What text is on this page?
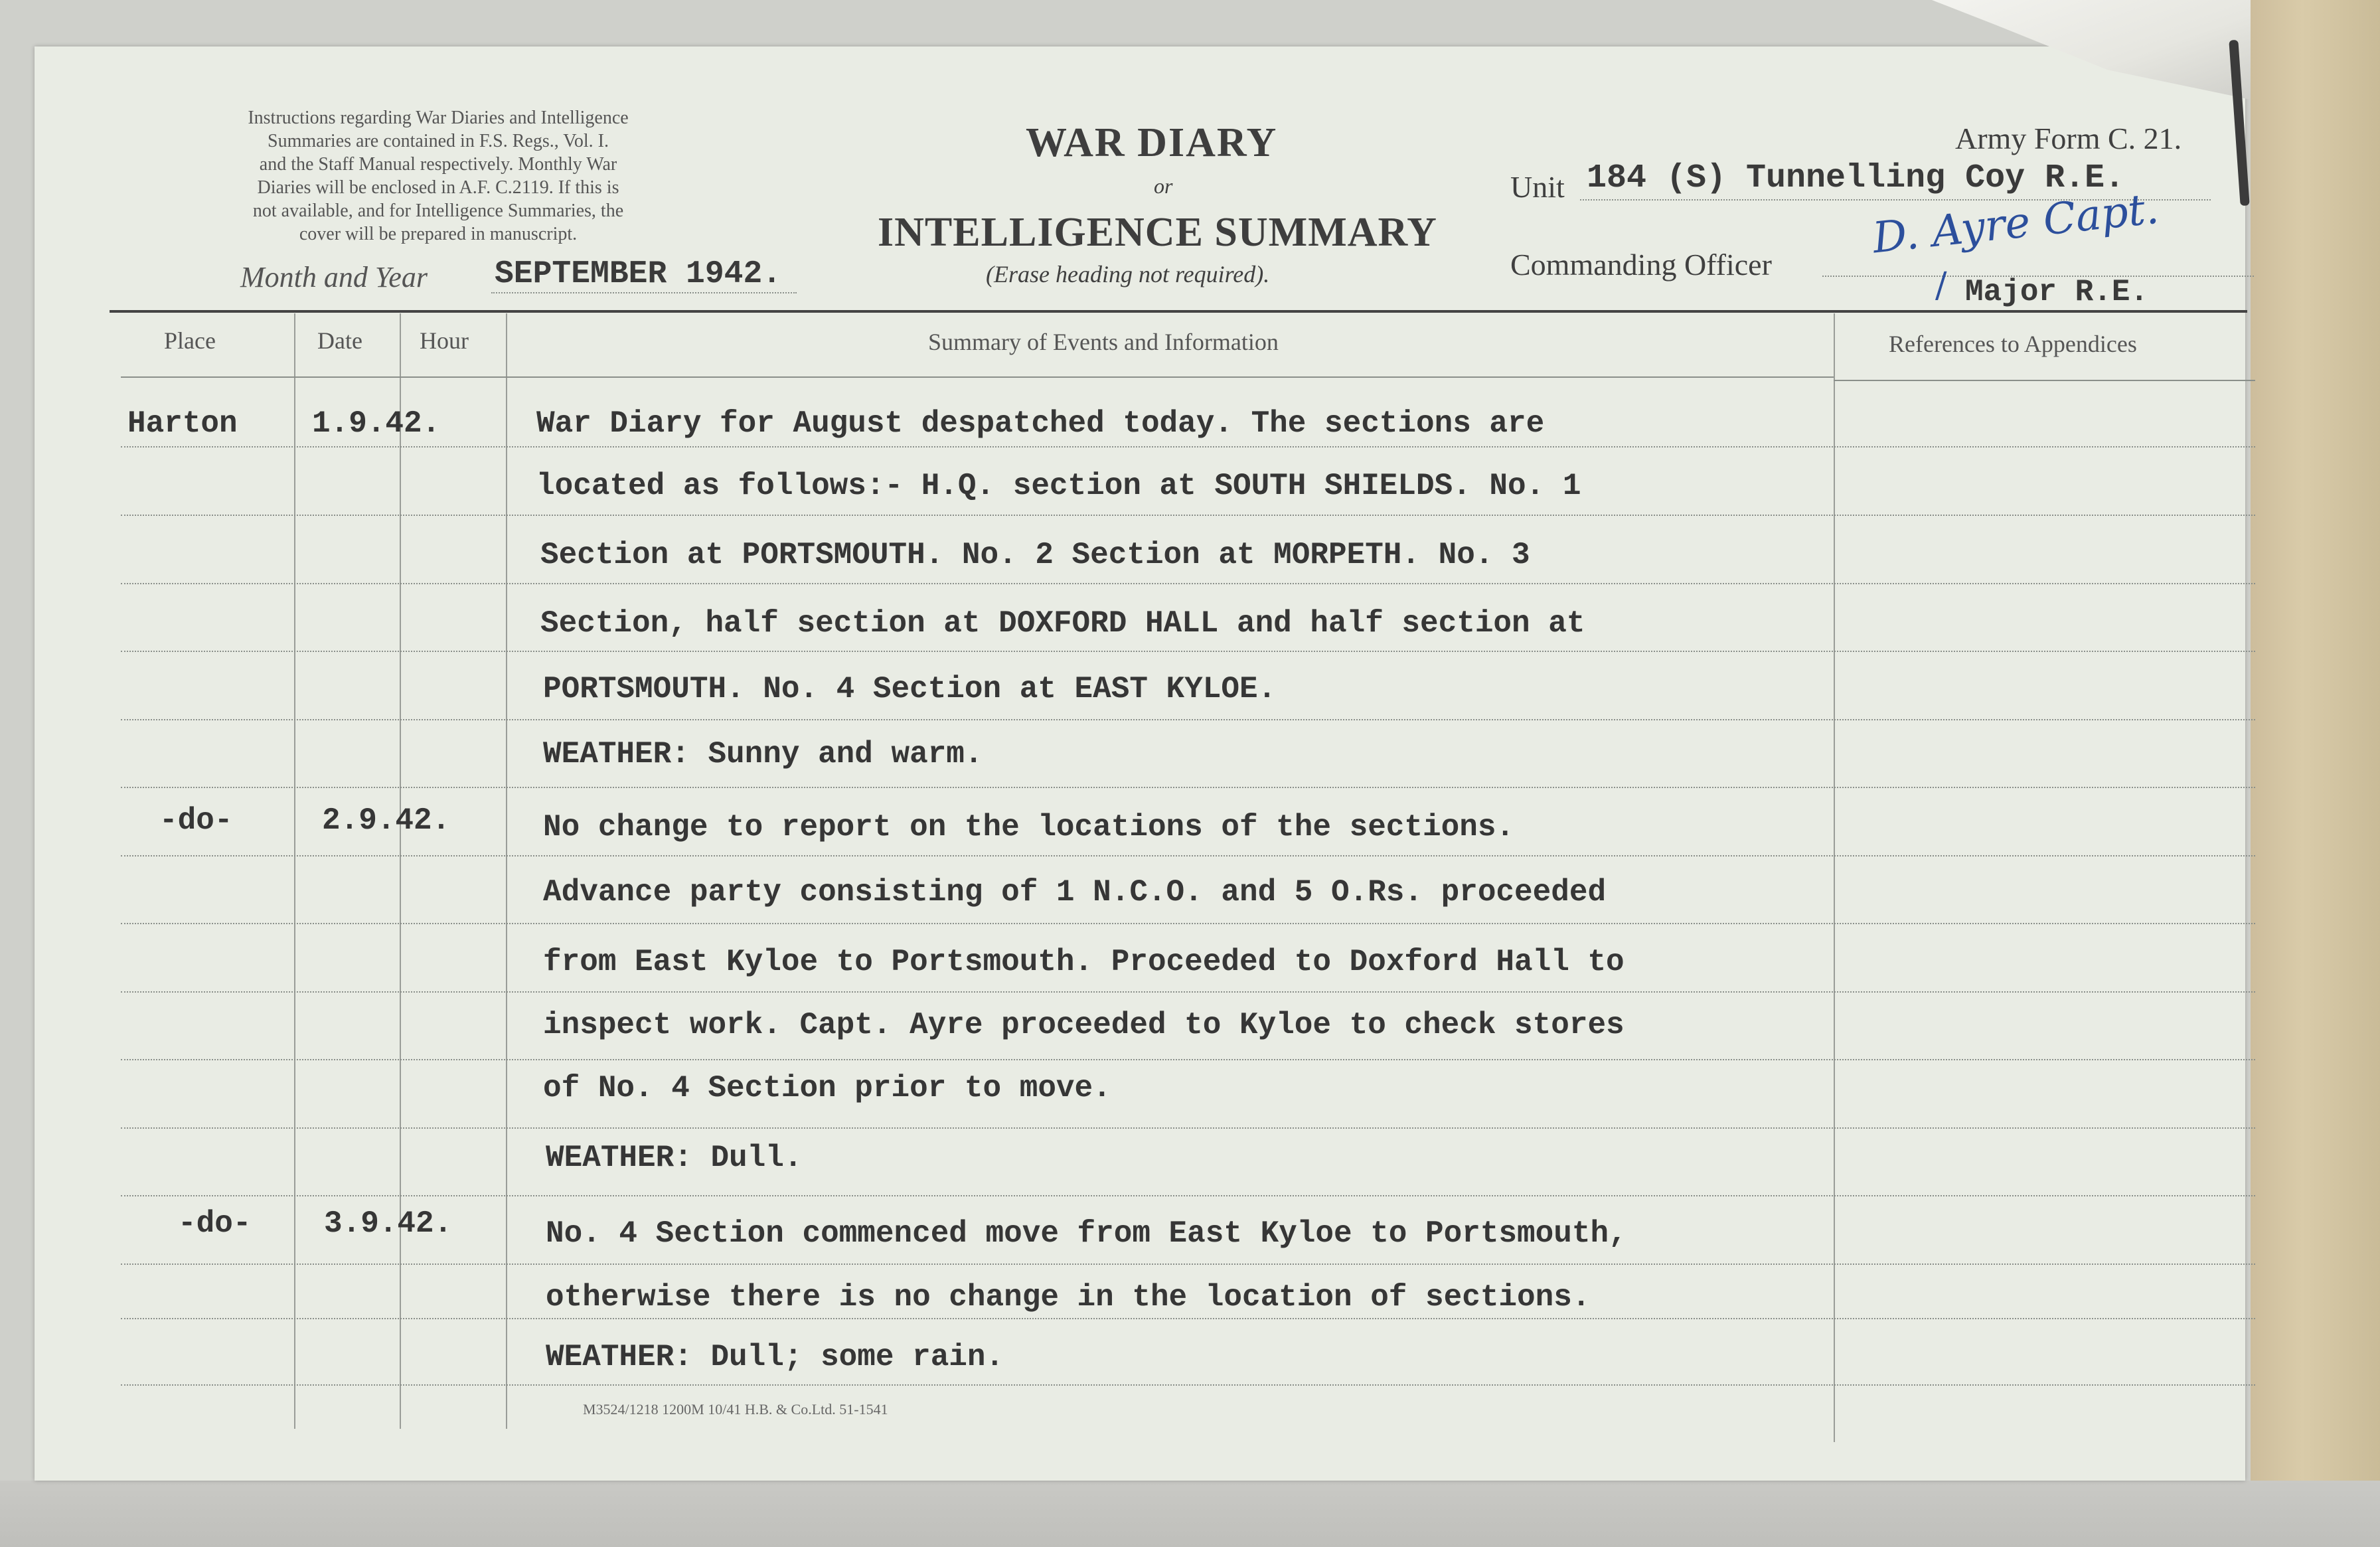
Instructions regarding War Diaries and Intelligence
Summaries are contained in F.S. Regs., Vol. I.
and the Staff Manual respectively. Monthly War
Diaries will be enclosed in A.F. C.2119. If this is
not available, and for Intelligence Summaries, the
cover will be prepared in manuscript.
WAR DIARY
or
INTELLIGENCE SUMMARY
(Erase heading not required).
Month and Year SEPTEMBER 1942.
Army Form C. 21.
Unit 184 (S) Tunnelling Coy R.E.
Commanding Officer
D. Ayre Capt.
/ Major R.E.
Place	Date Hour	Summary of Events and Information	References to Appendices
Harton 1.9.42.	War Diary for August despatched today. The sections are
located as follows:- H.Q. section at SOUTH SHIELDS. No. 1
Section at PORTSMOUTH. No. 2 Section at MORPETH. No. 3
Section, half section at DOXFORD HALL and half section at
PORTSMOUTH. No. 4 Section at EAST KYLOE.
WEATHER: Sunny and warm.
-do-	2.9.42.	No change to report on the locations of the sections.
Advance party consisting of 1 N.C.O. and 5 O.Rs. proceeded
from East Kyloe to Portsmouth. Proceeded to Doxford Hall to
inspect work. Capt. Ayre proceeded to Kyloe to check stores
of No. 4 Section prior to move.
WEATHER: Dull.
-do- 3.9.42.	No. 4 Section commenced move from East Kyloe to Portsmouth,
otherwise there is no change in the location of sections.
WEATHER: Dull; some rain.
M3524/1218 1200M 10/41 H.B. & Co.Ltd. 51-1541
